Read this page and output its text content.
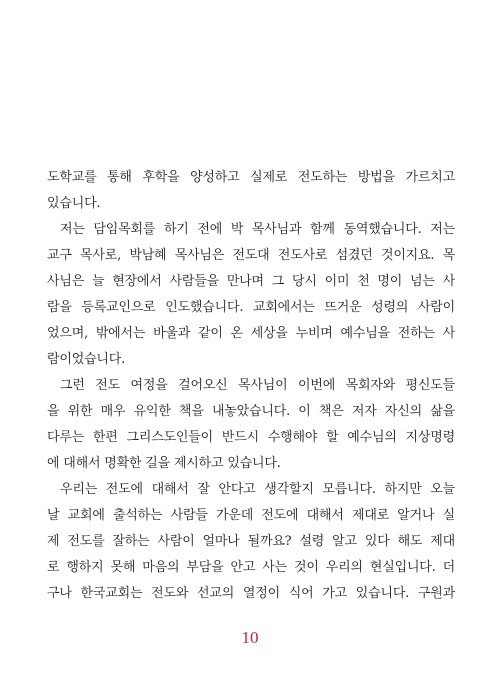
도학교를 통해 후학을 양성하고 실제로 전도하는 방법을 가르치고
있습니다.
저는 담임목회를 하기 전에 박 목사님과 함께 동역했습니다. 저는
교구 목사로, 박남혜 목사님은 전도대 전도사로 섬겼던 것이지요. 목
사님은 늘 현장에서 사람들을 만나며 그 당시 이미 천 명이 넘는 사
람을 등록교인으로 인도했습니다. 교회에서는 뜨거운 성령의 사람이
었으며, 밖에서는 바울과 같이 온 세상을 누비며 예수님을 전하는 사
람이었습니다.
그런 전도 여정을 걸어오신 목사님이 이번에 목회자와 평신도들
을 위한 매우 유익한 책을 내놓았습니다. 이 책은 저자 자신의 삶을
다루는 한편 그리스도인들이 반드시 수행해야 할 예수님의 지상명령
에 대해서 명확한 길을 제시하고 있습니다.
우리는 전도에 대해서 잘 안다고 생각할지 모릅니다. 하지만 오늘
날 교회에 출석하는 사람들 가운데 전도에 대해서 제대로 알거나 실
제 전도를 잘하는 사람이 얼마나 될까요? 설령 알고 있다 해도 제대
로 행하지 못해 마음의 부담을 안고 사는 것이 우리의 현실입니다. 더
구나 한국교회는 전도와 선교의 열정이 식어 가고 있습니다. 구원과
10
